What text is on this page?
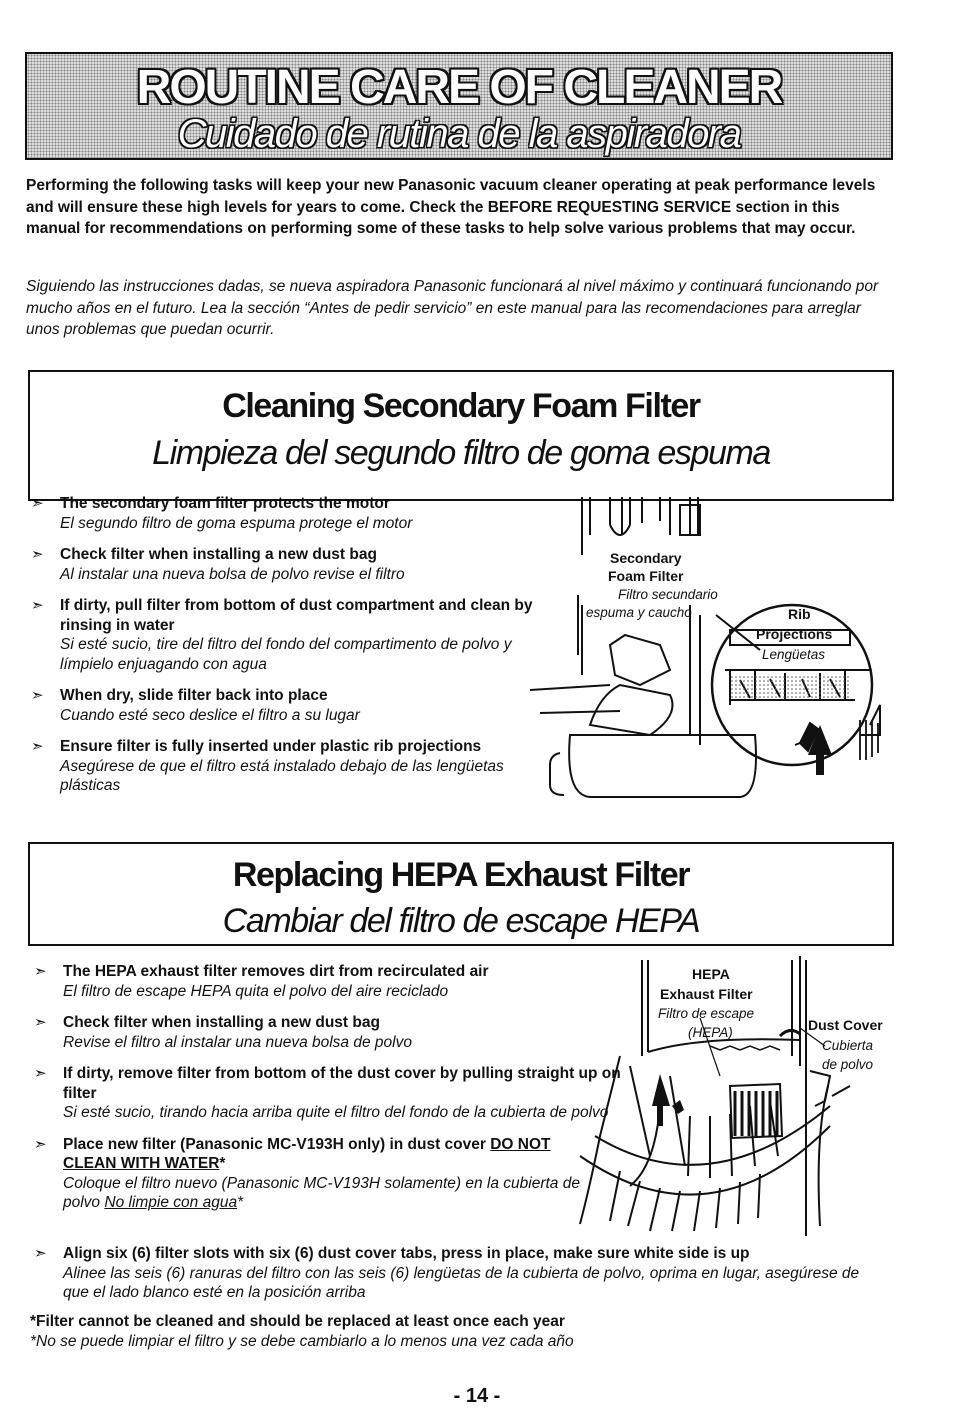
ROUTINE CARE OF CLEANER
Cuidado de rutina de la aspiradora

Performing the following tasks will keep your new Panasonic vacuum cleaner operating at peak performance levels and will ensure these high levels for years to come. Check the BEFORE REQUESTING SERVICE section in this manual for recommendations on performing some of these tasks to help solve various problems that may occur.

Siguiendo las instrucciones dadas, se nueva aspiradora Panasonic funcionará al nivel máximo y continuará funcionando por mucho años en el futuro. Lea la sección “Antes de pedir servicio” en este manual para las recomendaciones para arreglar unos problemas que puedan ocurrir.

Cleaning Secondary Foam Filter

Limpieza del segundo filtro de goma espuma

➣ The secondary foam filter protects the motor
El segundo filtro de goma espuma protege el motor
➣ Check filter when installing a new dust bag
Al instalar una nueva bolsa de polvo revise el filtro
➣ If dirty, pull filter from bottom of dust compartment and clean by rinsing in water
Si esté sucio, tire del filtro del fondo del compartimento de polvo y límpielo enjuagando con agua
➣ When dry, slide filter back into place
Cuando esté seco deslice el filtro a su lugar
➣ Ensure filter is fully inserted under plastic rib projections
Asegúrese de que el filtro está instalado debajo de las lengüetas plásticas
Secondary
Foam Filter
Filtro secundario
espuma y caucho	Rib
Projections
Lengüetas

Replacing HEPA Exhaust Filter

Cambiar del filtro de escape HEPA

➣ The HEPA exhaust filter removes dirt from recirculated air
El filtro de escape HEPA quita el polvo del aire reciclado
➣ Check filter when installing a new dust bag
Revise el filtro al instalar una nueva bolsa de polvo
➣ If dirty, remove filter from bottom of the dust cover by pulling straight up on filter
Si esté sucio, tirando hacia arriba quite el filtro del fondo de la cubierta de polvo
➣ Place new filter (Panasonic MC-V193H only) in dust cover DO NOT CLEAN WITH WATER*
Coloque el filtro nuevo (Panasonic MC-V193H solamente) en la cubierta de polvo No limpie con agua*
➣ Align six (6) filter slots with six (6) dust cover tabs, press in place, make sure white side is up
Alinee las seis (6) ranuras del filtro con las seis (6) lengüetas de la cubierta de polvo, oprima en lugar, asegúrese de que el lado blanco esté en la posición arriba
HEPA
Exhaust Filter
Filtro de escape
(HEPA)	Dust Cover
Cubierta
de polvo
*Filter cannot be cleaned and should be replaced at least once each year
*No se puede limpiar el filtro y se debe cambiarlo a lo menos una vez cada año
- 14 -
